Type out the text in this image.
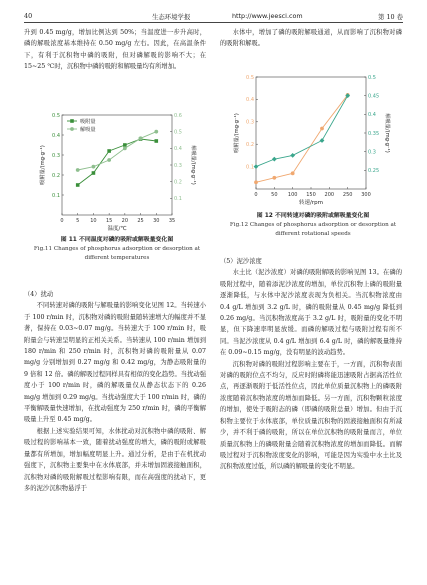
40	生态环境学报	http://www.jeesci.com	第 10 卷

升到 0.45 mg/g，增加比例达到 50%；当温度进一步升高时，磷的解吸浓度基本维持在 0.50 mg/g 左右。因此，在高温条件下，有利于沉积物中磷的吸附，但对磷解吸的影响不大；在 15~25 ℃时，沉积物中磷的吸附和解吸量均有所增加。

0	5 10 15 20 25 30 35
0.1
0.2
0.3
0.4
0.5
0.1
0.2
0.3
0.4
0.5
0.6
温度/℃
吸附量/(mg·g⁻¹)	解吸量/(mg·g⁻¹)
吸附量
解吸量
图 11 不同温度对磷的吸附或解吸量变化图
Fig.11 Changes of phosphorus adsorption or desorption at different temperatures

（4）扰动

不同转速对磷的吸附与解吸量的影响变化见图 12。当转速小于 100 r/min 时，沉积物对磷的吸附量随转速增大的幅度并不显著，保持在 0.03~0.07 mg/g。当转速大于 100 r/min 时，吸附量会与转速呈明显的正相关关系。当转速从 100 r/min 增加到 180 r/min 和 250 r/min 时，沉积物对磷的吸附量从 0.07 mg/g 分别增加到 0.27 mg/g 和 0.42 mg/g，为静态吸附量的 9 倍和 12 倍。磷的解吸过程同样具有相似的变化趋势。当扰动强度小于 100 r/min 时，磷的解吸量仅从静态状态下的 0.26 mg/g 增加到 0.29 mg/g。当扰动强度大于 100 r/min 时，磷的平衡解吸量快速增加，在扰动强度为 250 r/min 时，磷的平衡解吸量上升至 0.45 mg/g。

根据上述实验结果可知，水体扰动对沉积物中磷的吸附、解吸过程的影响基本一致，随着扰动强度的增大，磷的吸附或解吸量都有所增加，增加幅度明显上升。通过分析，是由于在机扰动强度下，沉积物主要集中在水体底部，并未增加固液接触面积，沉积物对磷的吸附解吸过程影响有限，而在高强度的扰动下，更多的泥沙沉积物悬浮于

水体中，增加了磷的吸附解吸通道，从而影响了沉积物对磷的吸附和解吸。

0	50 100 150 200 250 300
0.1
0.2
0.3
0.4
0.5
0.25
0.3
0.35
0.4
0.45
0.5
转速/rpm
吸附量/(mg·g⁻¹)	解吸量/(mg·g⁻¹)
图 12 不同转速对磷的吸附或解吸量变化图
Fig.12 Changes of phosphorus adsorption or desorption at different rotational speeds

（5）泥沙浓度

水土比（泥沙浓度）对磷的吸附解吸的影响见图 13。在磷的吸附过程中，随着添泥沙浓度的增加，单位沉积物上磷的吸附量逐渐降低，与水体中泥沙浓度表现为负相关。当沉积物浓度由 0.4 g/L 增加到 3.2 g/L 时，磷的吸附量从 0.45 mg/g 降低到 0.26 mg/g。当沉积物浓度高于 3.2 g/L 时，吸附量的变化不明显，但下降速率明显放缓。而磷的解吸过程与吸附过程有所不同。当泥沙浓度从 0.4 g/L 增加到 6.4 g/L 时，磷的解吸量维持在 0.09~0.15 mg/g，没有明显的波动趋势。

沉积物对磷的吸附过程影响主要在于，一方面，沉积物表面对磷的吸附位点不均匀，反应时附磷将能迅速吸附占据高活性位点，再逐渐吸附于低活性位点，因此单位质量沉积物上的磷吸附浓度随着沉积物浓度的增加而降低。另一方面，沉积物颗粒浓度的增加，使处于吸附态的磷（即磷的吸附总量）增加。但由于沉积物主要位于水体底部，单位质量沉积物的固液接触面积有所减少，并不利于磷的吸附，所以在单位沉积物的吸附量而言，单位质量沉积物上的磷吸附量会随着沉积物浓度的增加而降低。而解吸过程对于沉积物浓度变化的影响，可能是因为实验中水土比及沉积物浓度过低，所以磷的解吸量的变化不明显。
